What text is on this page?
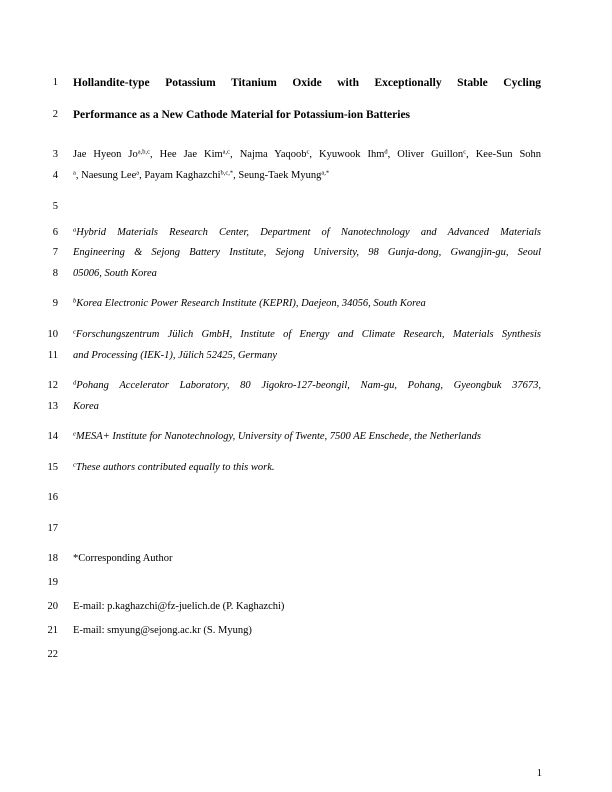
1
2
3
4
5
6
7
8
9
10
11
12
13
14
15
16
17
18
19
20
21
22
Hollandite-type Potassium Titanium Oxide with Exceptionally Stable Cycling
Performance as a New Cathode Material for Potassium-ion Batteries
Jae Hyeon Jo$^{a,b,c}$, Hee Jae Kim$^{a,c}$, Najma Yaqoob$^c$, Kyuwook Ihm$^d$, Oliver Guillon$^c$, Kee-Sun Sohn
$^a$, Naesung Lee$^a$, Payam Kaghazchi$^{b,c,*}$, Seung-Taek Myung$^{a,*}$
$^a$Hybrid Materials Research Center, Department of Nanotechnology and Advanced Materials
Engineering & Sejong Battery Institute, Sejong University, 98 Gunja-dong, Gwangjin-gu, Seoul
05006, South Korea
$^b$Korea Electronic Power Research Institute (KEPRI), Daejeon, 34056, South Korea
$^c$Forschungszentrum Jülich GmbH, Institute of Energy and Climate Research, Materials Synthesis
and Processing (IEK-1), Jülich 52425, Germany
$^d$Pohang Accelerator Laboratory, 80 Jigokro-127-beongil, Nam-gu, Pohang, Gyeongbuk 37673,
Korea
$^e$MESA+ Institute for Nanotechnology, University of Twente, 7500 AE Enschede, the Netherlands
$^c$These authors contributed equally to this work.
*Corresponding Author
E-mail: p.kaghazchi@fz-juelich.de (P. Kaghazchi)
E-mail: smyung@sejong.ac.kr (S. Myung)
1
